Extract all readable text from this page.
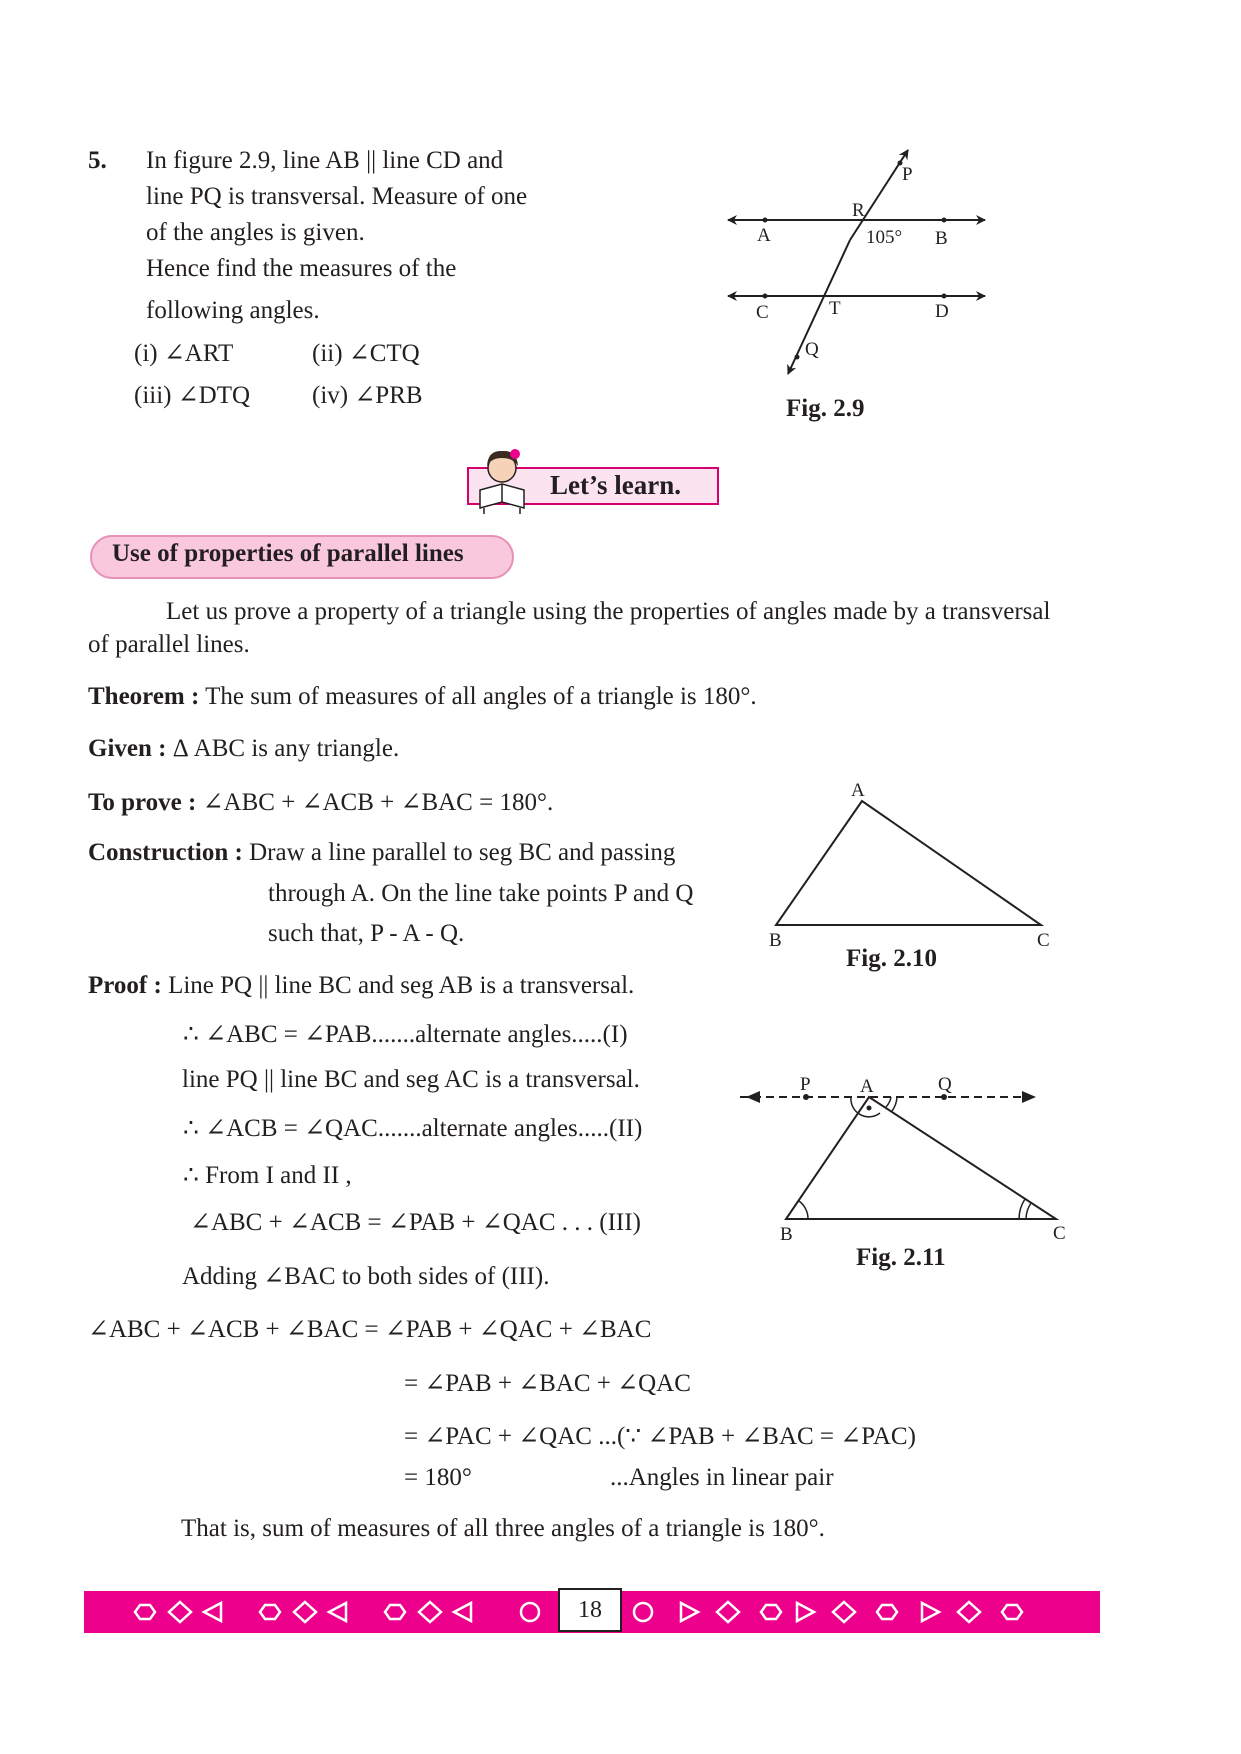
5. In figure 2.9, line AB || line CD and
line PQ is transversal. Measure of one
of the angles is given.
Hence find the measures of the
following angles.
(i) ∠ART	(ii) ∠CTQ
(iii) ∠DTQ (iv) ∠PRB
P
R
A	105° B
C	T	D
Q
Fig. 2.9
Let’s learn.
Use of properties of parallel lines
Let us prove a property of a triangle using the properties of angles made by a transversal
of parallel lines.
Theorem : The sum of measures of all angles of a triangle is 180°.
Given : Δ ABC is any triangle.
To prove : ∠ABC + ∠ACB + ∠BAC = 180°.
Construction : Draw a line parallel to seg BC and passing
through A. On the line take points P and Q
such that, P - A - Q.
A
B	C
Fig. 2.10
Proof : Line PQ || line BC and seg AB is a transversal.
∴ ∠ABC = ∠PAB.......alternate angles.....(I)
line PQ || line BC and seg AC is a transversal.
∴ ∠ACB = ∠QAC.......alternate angles.....(II)
∴ From I and II ,
∠ABC + ∠ACB = ∠PAB + ∠QAC . . . (III)
Adding ∠BAC to both sides of (III).
P	A	Q
B	C
Fig. 2.11
∠ABC + ∠ACB + ∠BAC = ∠PAB + ∠QAC + ∠BAC
= ∠PAB + ∠BAC + ∠QAC
= ∠PAC + ∠QAC ...(∵ ∠PAB + ∠BAC = ∠PAC)
= 180°	...Angles in linear pair
That is, sum of measures of all three angles of a triangle is 180°.
18
